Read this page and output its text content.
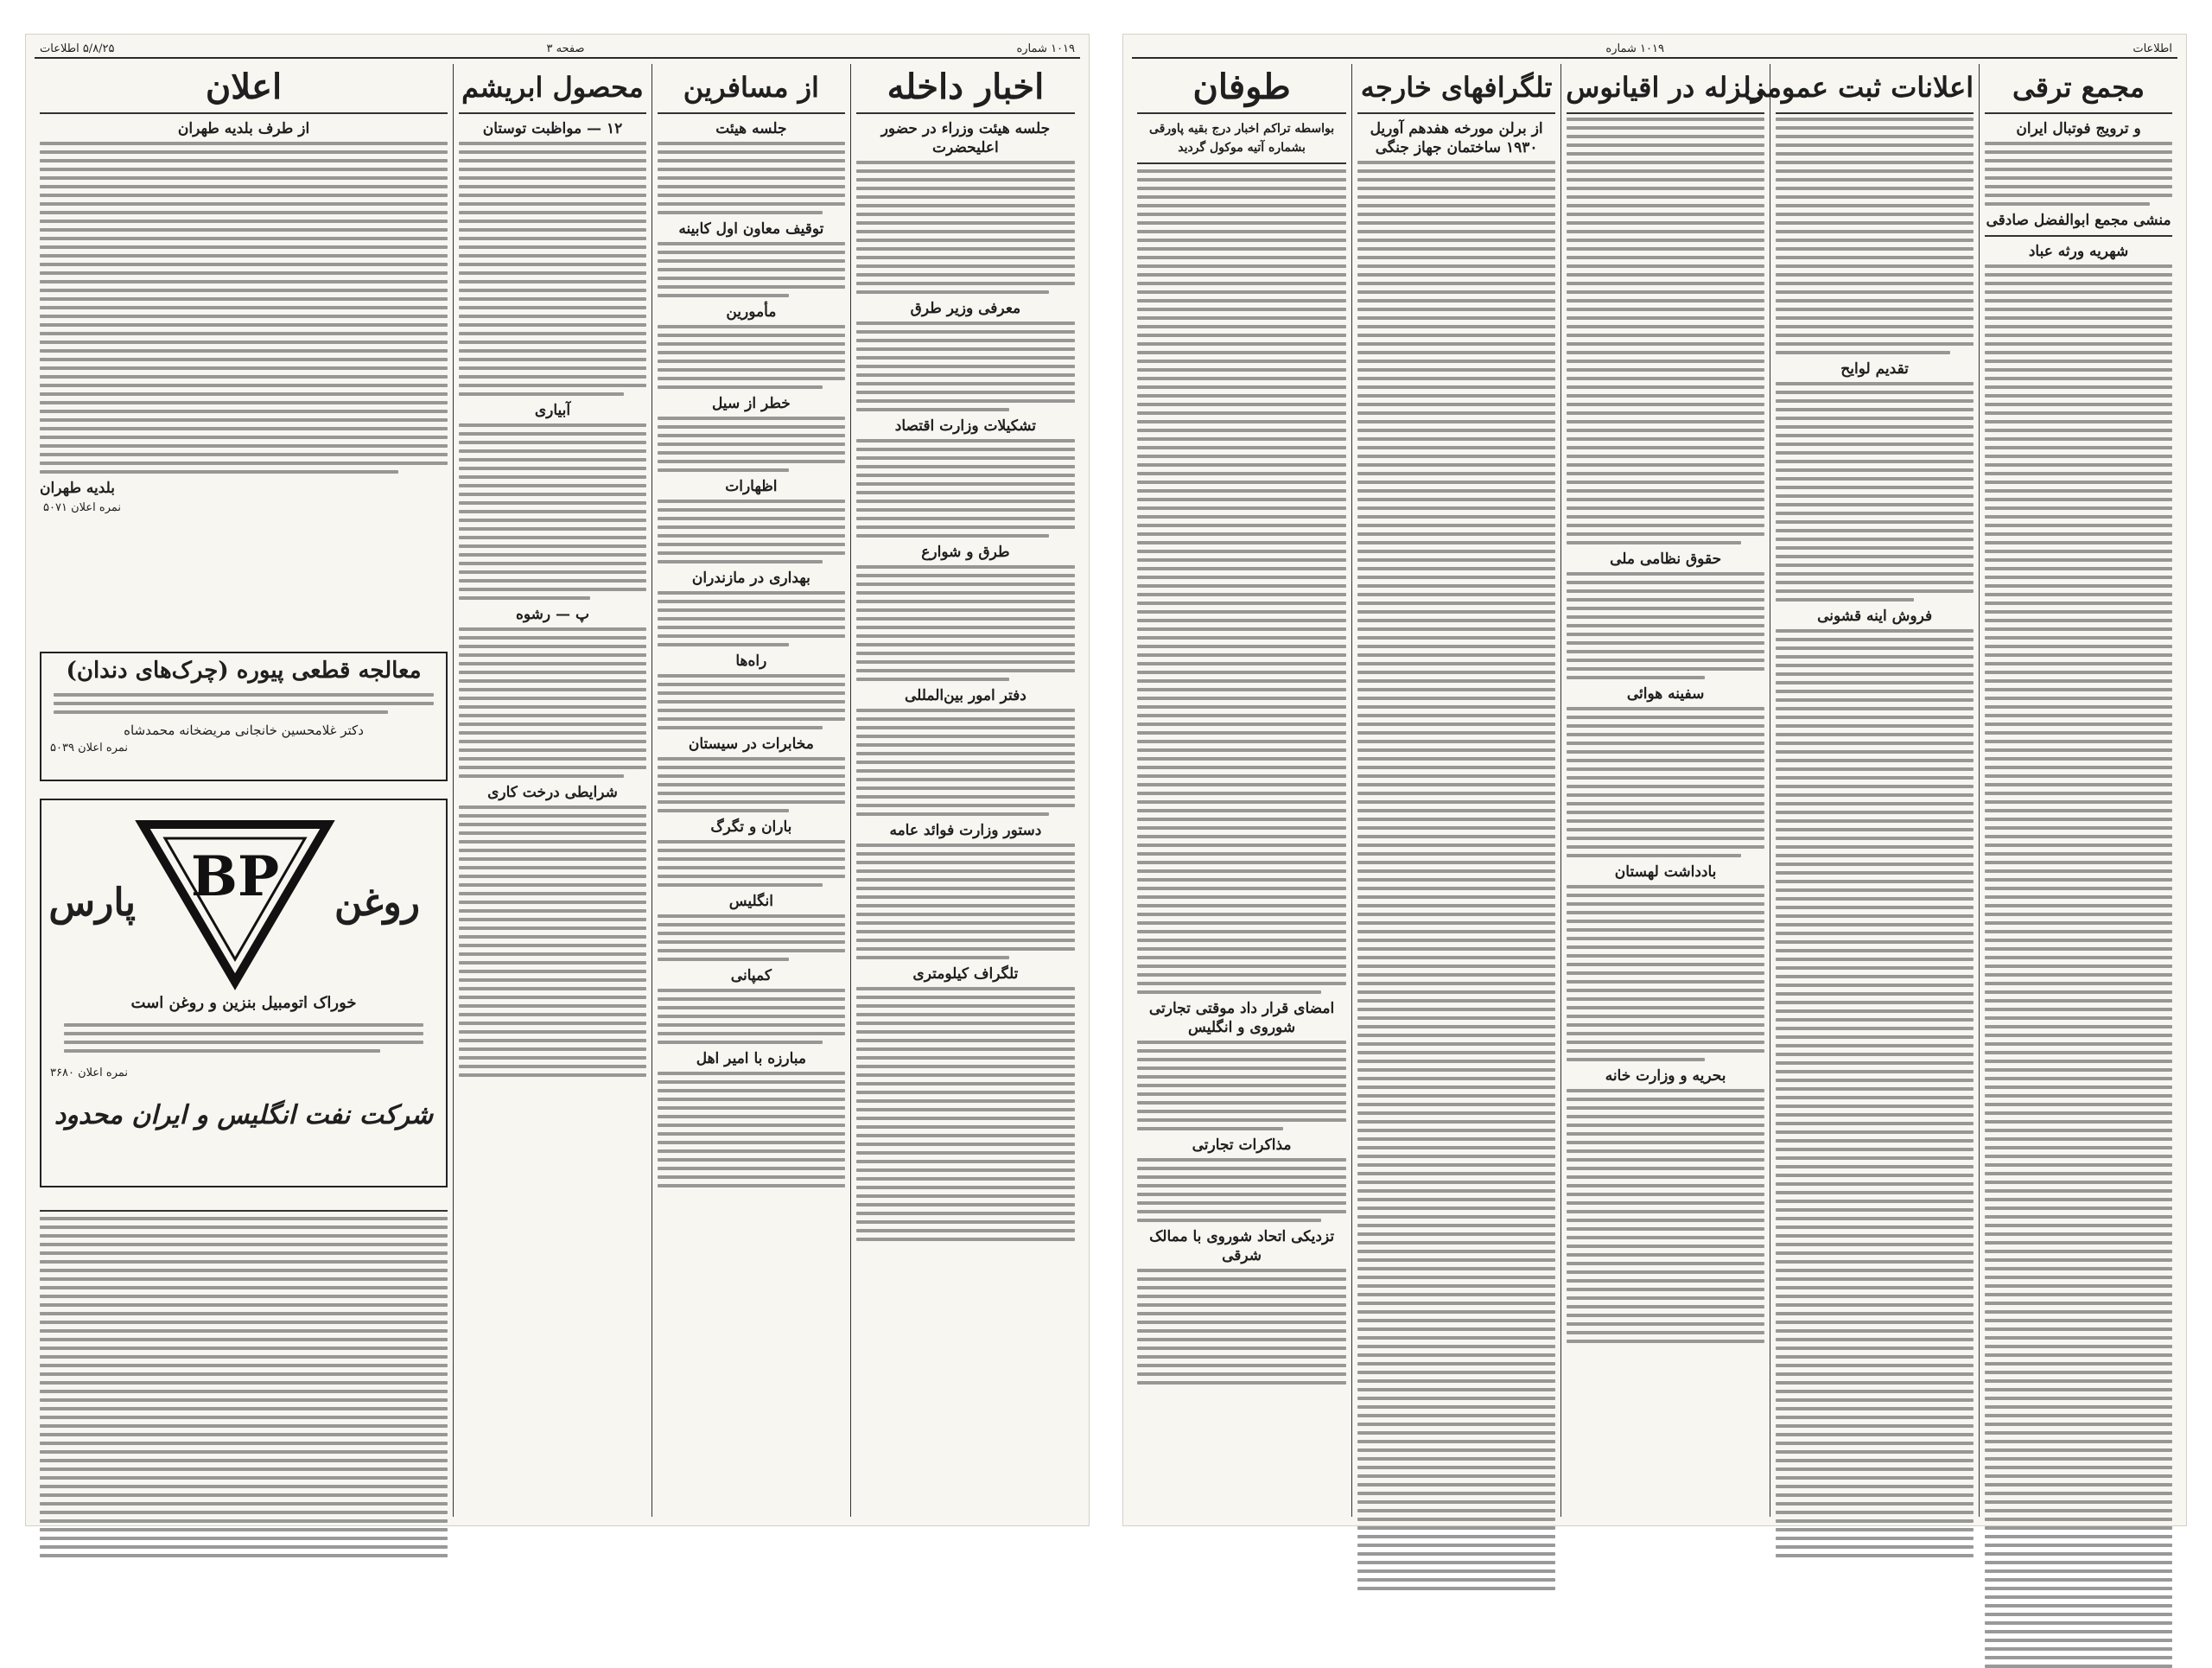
۱۰۱۹ شماره
صفحه ۳
۵/۸/۲۵ اطلاعات
اخبار داخله
جلسه هیئت وزراء در حضور اعلیحضرت
معرفی وزیر طرق
تشکیلات وزارت اقتصاد
طرق و شوارع
دفتر امور بین‌المللی
دستور وزارت فوائد عامه
تلگراف کیلومتری
از مسافرین
جلسه هیئت
توقیف معاون اول کابینه
مأمورین
خطر از سیل
اظهارات
بهداری در مازندران
راه‌ها
مخابرات در سیستان
باران و تگرگ
انگلیس
کمپانی
مبارزه با امیر اهل
محصول ابریشم
۱۲ — مواظبت توستان
آبیاری
پ — رشوه
شرایطی درخت کاری
اعلان
از طرف بلدیه طهران
بلدیه طهران
نمره اعلان ۵۰۷۱
معالجه قطعی پیوره (چرک‌های دندان)
دکتر غلامحسین خانجانی مریضخانه محمدشاه
نمره اعلان ۵۰۳۹
روغن
BP
پارس
خوراک اتومبیل بنزین و روغن است
نمره اعلان ۳۶۸۰
شرکت نفت انگلیس و ایران محدود
اطلاعات
۱۰۱۹ شماره
مجمع ترقی
و ترویج فوتبال ایران
منشی مجمع ابوالفضل صادقی
شهریه ورثه عباد
اعلانات ثبت عمومی
تقدیم لوایح
فروش اینه قشونی
زلزله در اقیانوس
حقوق نظامی ملی
سفینه هوائی
بادداشت لهستان
بحریه و وزارت خانه
تلگرافهای خارجه
از برلن مورخه هفدهم آوریل ۱۹۳۰ ساختمان جهاز جنگی
طوفان
بواسطه تراکم اخبار درج بقیه پاورقی بشماره آتیه موکول گردید
امضای قرار داد موقتی تجارتی شوروی و انگلیس
مذاکرات تجارتی
تزدیکی اتحاد شوروی با ممالک شرقی
